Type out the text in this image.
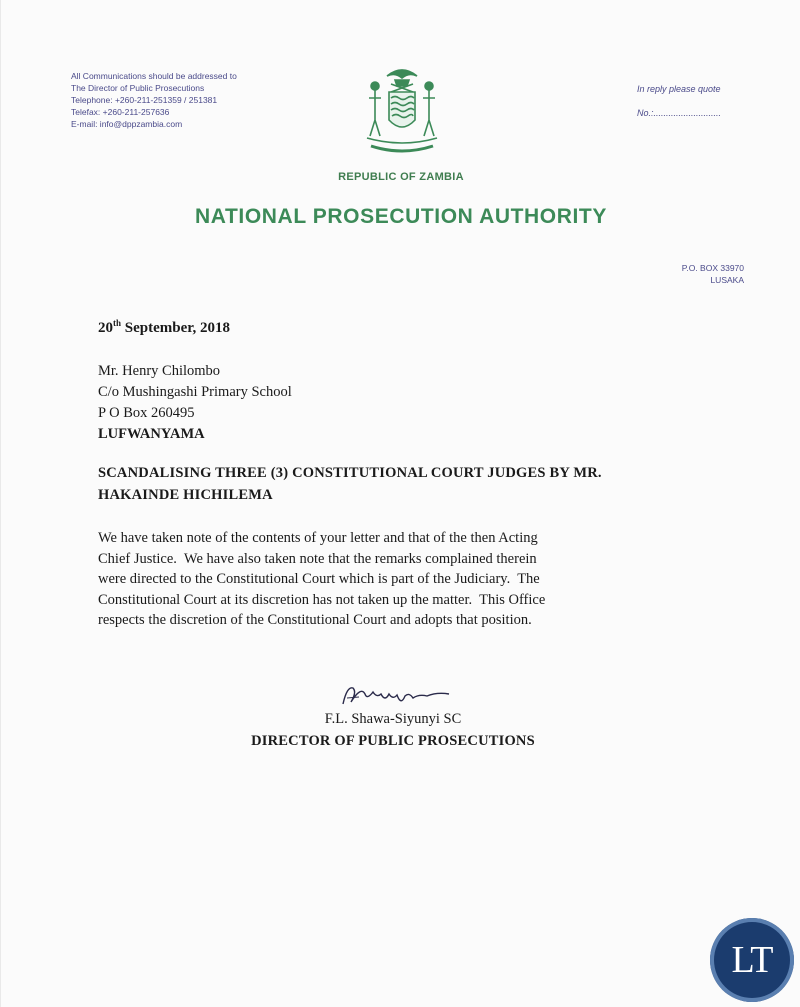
All Communications should be addressed to
The Director of Public Prosecutions
Telephone: +260-211-251359 / 251381
Telefax: +260-211-257636
E-mail: info@dppzambia.com
In reply please quote
No.:...........................
REPUBLIC OF ZAMBIA
NATIONAL PROSECUTION AUTHORITY
P.O. BOX 33970
LUSAKA
20th September, 2018
Mr. Henry Chilombo
C/o Mushingashi Primary School
P O Box 260495
LUFWANYAMA
SCANDALISING THREE (3) CONSTITUTIONAL COURT JUDGES BY MR.
HAKAINDE HICHILEMA
We have taken note of the contents of your letter and that of the then Acting
Chief Justice.  We have also taken note that the remarks complained therein
were directed to the Constitutional Court which is part of the Judiciary.  The
Constitutional Court at its discretion has not taken up the matter.  This Office
respects the discretion of the Constitutional Court and adopts that position.
F.L. Shawa-Siyunyi SC
DIRECTOR OF PUBLIC PROSECUTIONS
LT
